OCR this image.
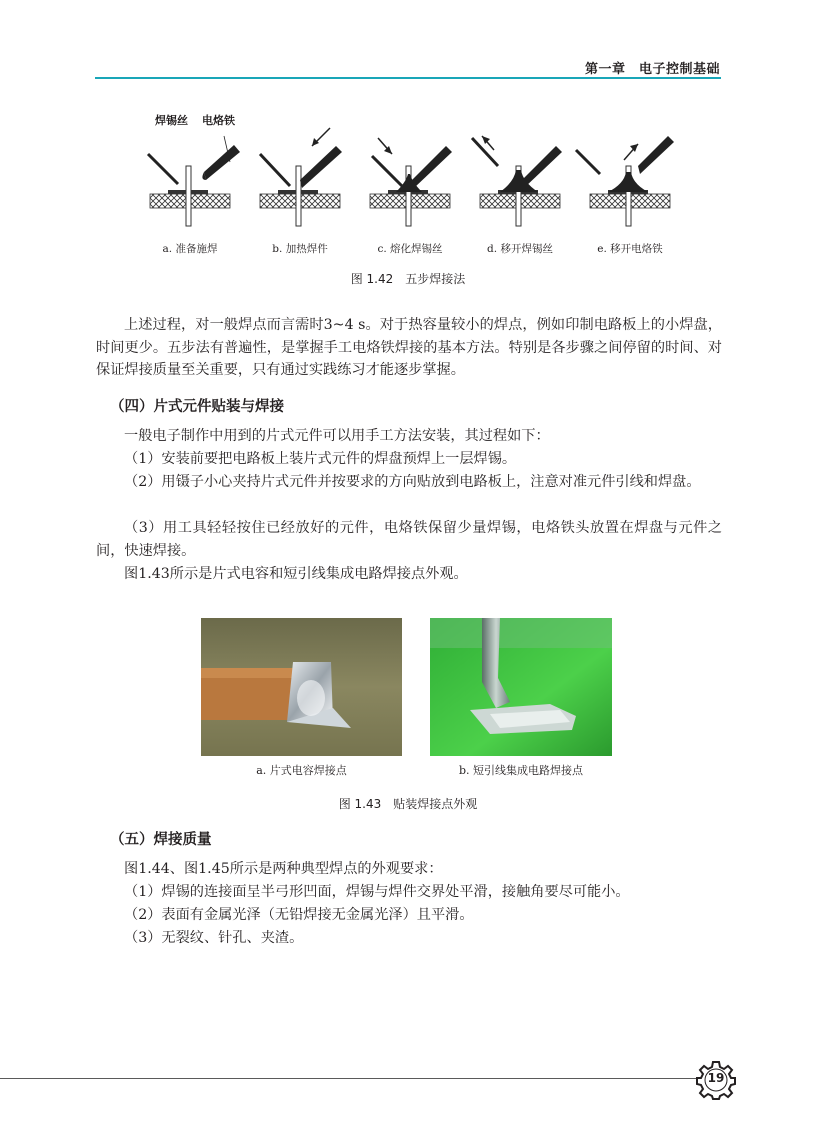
第一章　电子控制基础
焊锡丝 电烙铁
a. 准备施焊	b. 加热焊件	c. 熔化焊锡丝	d. 移开焊锡丝	e. 移开电烙铁
图 1.42　五步焊接法
上述过程，对一般焊点而言需时3~4 s。对于热容量较小的焊点，例如印制电路板上的小焊盘，时间更少。五步法有普遍性，是掌握手工电烙铁焊接的基本方法。特别是各步骤之间停留的时间、对保证焊接质量至关重要，只有通过实践练习才能逐步掌握。
（四）片式元件贴装与焊接
一般电子制作中用到的片式元件可以用手工方法安装，其过程如下：
（1）安装前要把电路板上装片式元件的焊盘预焊上一层焊锡。
（2）用镊子小心夹持片式元件并按要求的方向贴放到电路板上，注意对准元件引线和焊盘。
（3）用工具轻轻按住已经放好的元件，电烙铁保留少量焊锡，电烙铁头放置在焊盘与元件之间，快速焊接。
图1.43所示是片式电容和短引线集成电路焊接点外观。
a. 片式电容焊接点	b. 短引线集成电路焊接点
图 1.43　贴装焊接点外观
（五）焊接质量
图1.44、图1.45所示是两种典型焊点的外观要求：
（1）焊锡的连接面呈半弓形凹面，焊锡与焊件交界处平滑，接触角要尽可能小。
（2）表面有金属光泽（无铅焊接无金属光泽）且平滑。
（3）无裂纹、针孔、夹渣。
19
